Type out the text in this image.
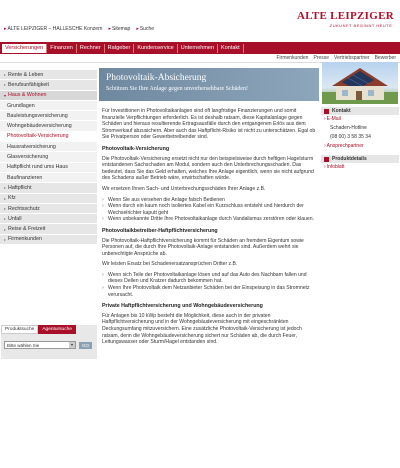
▸ALTE LEIPZIGER – HALLESCHE Konzern ▸Sitemap ▸Suche
ALTE LEIPZIGER
ZUKUNFT BEGINNT HEUTE.
Versicherungen	Finanzen	Rechner	Ratgeber	Kundenservice	Unternehmen	Kontakt
Firmenkunden Presse Vertriebspartner Bewerber
▸ Rente & Leben
▸ Berufsunfähigkeit
▾ Haus & Wohnen
Grundlagen
Bauleistungsversicherung
Wohngebäudeversicherung
Photovoltaik-Versicherung
Hausratversicherung
Glasversicherung
Haftpflicht rund ums Haus
Baufinanzieren
▸ Haftpflicht
▸ Kfz
▸ Rechtsschutz
▸ Unfall
▸ Reise & Freizeit
▸ Firmenkunden
Produktsuche	Agentursuche
Bitte wählen Sie	▼	GO
Photovoltaik-Absicherung
Schützen Sie Ihre Anlage gegen unvorhersehbare Schäden!

Für Investitionen in Photovoltaikanlagen sind oft langfristige Finanzierungen und somit finanzielle Verpflichtungen erforderlich. Es ist deshalb ratsam, diese Kapitalanlage gegen Schäden und hieraus resultierende Ertragsausfälle durch den entgangenen Erlös aus dem Stromverkauf abzusichern. Aber auch das Haftpflicht-Risiko ist nicht zu unterschätzen. Egal ob Sie Privatperson oder Gewerbetreibender sind.

Photovoltaik-Versicherung

Die Photovoltaik-Versicherung ersetzt nicht nur den beispielsweise durch heftigen Hagelsturm entstandenen Sachschaden am Modul, sondern auch den Unterbrechungsschaden. Das bedeutet, dass Sie das Geld erhalten, welches Ihre Anlage eigentlich, wenn sie nicht aufgrund des Schadens außer Betrieb wäre, erwirtschaften würde.

Wir ersetzen Ihnen Sach- und Unterbrechungsschäden Ihrer Anlage z.B.

› Wenn Sie aus versehen die Anlage falsch Bedienen
› Wenn durch ein kaum noch isoliertes Kabel ein Kurzschluss entsteht und hierdurch der Wechselrichter kaputt geht
› Wenn unbekannte Dritte Ihre Photovoltaikanlage durch Vandalismus zerstören oder klauen.
Photovoltaikbetreiber-Haftpflichtversicherung

Die Photovoltaik-Haftpflichtversicherung kommt für Schäden an fremdem Eigentum sowie Personen auf, die durch Ihre Photovoltaik-Anlage entstanden sind. Außerdem wehrt sie unberechtigte Ansprüche ab.

Wir leisten Ersatz bei Schadenersatzansprüchen Dritter z.B.

› Wenn sich Teile der Photovoltaikanlage lösen und auf das Auto des Nachbarn fallen und dieses Dellen und Kratzer dadurch bekommen hat.
› Wenn Ihre Photovoltaik dem Netzanbieter Schäden bei der Einspeisung in das Stromnetz verursacht.
Private Haftpflichtversicherung und Wohngebäudeversicherung

Für Anlagen bis 10 kWp besteht die Möglichkeit, diese auch in der privaten Haftpflichtversicherung und in der Wohngebäudeversicherung mit eingeschränkten Deckungsumfang mitzuversichern. Eine zusätzliche Photovoltaik-Versicherung ist jedoch ratsam, denn die Wohngebäudeversicherung sichert nur Schäden ab, die durch Feuer, Leitungswasser oder Sturm/Hagel entstanden sind.

Kontakt
›E-Mail
Schaden-Hotline
(08 00) 3 58 35 34
›Ansprechpartner
Produktdetails
›Infoblatt
